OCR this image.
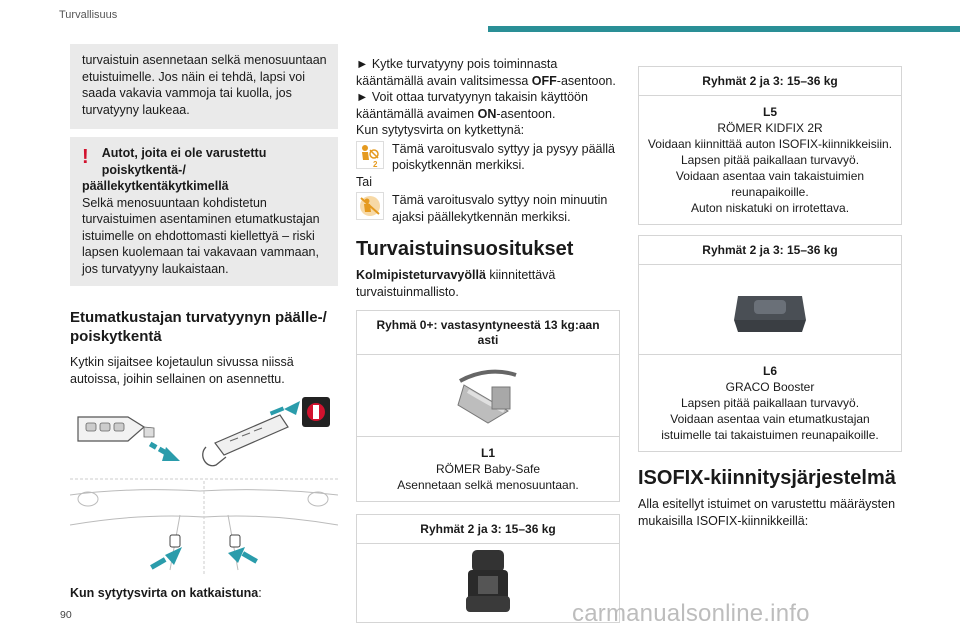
Turvallisuus
turvaistuin asennetaan selkä menosuuntaan etuistuimelle. Jos näin ei tehdä, lapsi voi saada vakavia vammoja tai kuolla, jos turvatyyny laukeaa.
!	Autot, joita ei ole varustettu poiskytkentä-/
päällekytkentäkytkimellä
Selkä menosuuntaan kohdistetun turvaistuimen asentaminen etumatkustajan istuimelle on ehdottomasti kiellettyä – riski lapsen kuolemaan tai vakavaan vammaan, jos turvatyyny laukaistaan.
Etumatkustajan turvatyynyn päälle-/ poiskytkentä
Kytkin sijaitsee kojetaulun sivussa niissä autoissa, joihin sellainen on asennettu.
Kun sytytysvirta on katkaistuna:
► Kytke turvatyyny pois toiminnasta kääntämällä avain valitsimessa OFF-asentoon.
► Voit ottaa turvatyynyn takaisin käyttöön kääntämällä avaimen ON-asentoon.
Kun sytytysvirta on kytkettynä:
2
Tämä varoitusvalo syttyy ja pysyy päällä poiskytkennän merkiksi.
Tai
Tämä varoitusvalo syttyy noin minuutin ajaksi päällekytkennän merkiksi.
Turvaistuinsuositukset
Kolmipisteturvavyöllä kiinnitettävä turvaistuinmallisto.
Ryhmä 0+: vastasyntyneestä 13 kg:aan asti
L1
RÖMER Baby-Safe
Asennetaan selkä menosuuntaan.
Ryhmät 2 ja 3: 15–36 kg
Ryhmät 2 ja 3: 15–36 kg
L5
RÖMER KIDFIX 2R
Voidaan kiinnittää auton ISOFIX-kiinnikkeisiin.
Lapsen pitää paikallaan turvavyö.
Voidaan asentaa vain takaistuimien reunapaikoille.
Auton niskatuki on irrotettava.
Ryhmät 2 ja 3: 15–36 kg
L6
GRACO Booster
Lapsen pitää paikallaan turvavyö.
Voidaan asentaa vain etumatkustajan istuimelle tai takaistuimen reunapaikoille.
ISOFIX-kiinnitysjärjestelmä
Alla esitellyt istuimet on varustettu määräysten mukaisilla ISOFIX-kiinnikkeillä:
90	carmanualsonline.info
